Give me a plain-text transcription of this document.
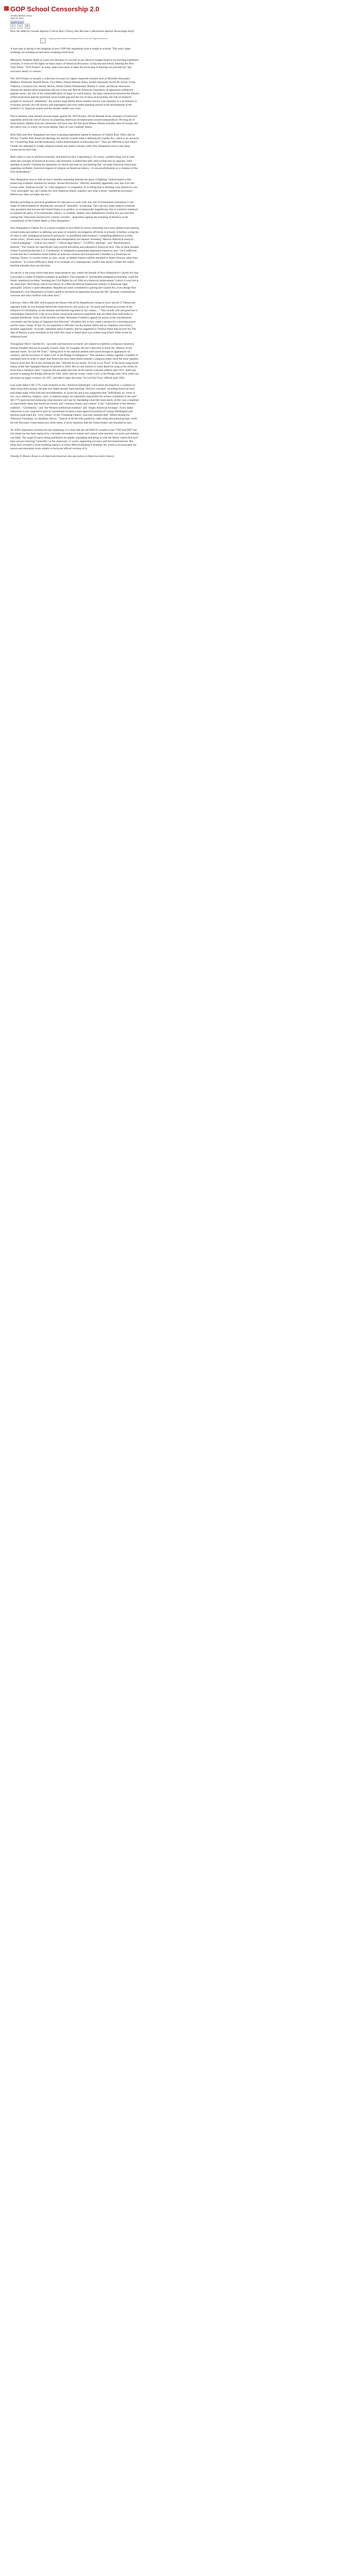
GOP School Censorship 2.0
Timothy Messer-Kruse
April 16, 2024
CounterPunch
f	t	✉
How the MAGA Crusade Against Critical Race Theory Has Become a Movement Against Knowledge Itself
Fighting culture warrior Christopher Rufo on the Joe Rogan Experience.

A sure sign of spring is the dropping of new GOP bills regulating what is taught in schools. This year's legal seedlings are trending toward more sweeping restrictions.

Missouri's Students' Right to Learn Act threatens to cut half of any district's budget found to be teaching prohibited concepts. It turns out the lights on many topics of historical discussion. Going beyond merely banning the New York Times' "1619 Project" as many states have done, it takes the novel step of banning not just that but "any successor theory or version."

The 1619 Project is actually a collection of essays by highly respected scholars such as Michelle Alexander, Matthew Desmond, Jamelle Bouie, Tiya Miles, Nikole Hannah-Jones, Jeneen Interlandi, Kevin M. Kruse, Linda Villarosa, Clyntarra Lee, Wesley Morris, Khalil Gibran Muhammad, Martha S. Jones, and Bryan Stevenson. Among the themes these researchers discuss is how the African American experience of oppression influenced popular music, the role of the commodification of sugar on world history, the deep connections between the failures of Reconstruction and the persistent racial wealth gap and the rise of mass incarceration, the role of enslaved peoples in westward "settlement," the century-long debate about whether slavery was capitalist or a an obstacle to economic growth, the role slavery and segregation and even urban planning played in the development of the modern U.S. financial system and the modern health care crisis.

Not to mention what initially aroused anger against the 1619 Project, Nicole Hannah-Jones summary of historians' arguments about the role of slavery in propelling American revolutionaries toward independence. Proving all of these historic debates from the classroom will have only the feel-good Mason Weems morality tales of George and the cherry tree, or worse, the Uncle Remus Tales of Lost Confeder Harris.

Both Ohio and New Hampshire are close to passing legislation named in memory of Charlie Kirk. Ohio calls its bill the "Charlie Kirk American Heritage Act and the Granite State is defining the Charlie Act, which is an acronym for "Countering Hate and Revolutionary Leftist Indoctrination in Education Act." They are different in that Ohio's Charlie Act attempts to wedge religious lessons into public schools while New Hampshire tries to ban ideas conservatives don't like.

Both claim to root on political neutrality and historical fact. Legislating it, of course, a pliable thing, but in both states the concepts of historical accuracy and neutrality is pulled like taffy until it folds into its opposite. Ohio attempts to justify violating the separation of church and state by proclaiming that "accurate historical instruction regarding verifiable, historical impacts of religion on American history... is not proselytization or a violation of the First Amendment."

New Hampshire tries to hide its heavy-handed censorship beneath the guise of fighting "indoctrination while preserving academic freedom for neutral, factual discussions." Patriotic neutrality apparently only tips over into excess when "partisan loyalty" or "total allegiance" is compelled. (It is telling that in defining what America's core "civic principles" are, the Charlie Act only mentions liberty, equality, and what it terms "republican processes." Democracy does not make the cut.)

Besides providing no practical guidelines for educators to work with, this sort of formulation normalizes a vast range of indoctrination by labeling the concept of "neutrality" to learning. This can only make sense to someone who presumes that because the United States is so perfect, so exceptionally magnificent, that it would be irrational to question the glory of its institutions, history, or symbols. Indeed, New Hampshire's Charlie Act says just this, stating that "Education should serve citizens a hostile... disposition against the founding of America or the constitutions of the United States or New Hampshire."

New Hampshire's Charlie Act is a prime example of how MAGA school censorship laws have shifted from banning certain books and authors to defining vast areas of scholarly investigation off-limits to schools. It defines a long list of what it calls "pedagogical practices and praxis" as prohibited indoctrination "compelling adherence to these world-views." Broad areas of knowledge and interpretation are banned, including "Marxist dialectical analysis", "critical pedagogy", "critical race theory", "critical legal theory", "LGBTQ+ ideology", and "decolonization theories". The Charlie Act specifically bans several prevailing and substantive historical facts. One of these thought crimes is asserting that the U.S. Constitution is "designed to perpetuate oppression based on race." (Is it sufficient to note that the Constitution treats Indians as both non-citizens and non-persons?) Another is a broad ban on framing "history or current events as class, racial, or identity-based conflicts intended to foster division rather than resolution." It is more difficult to think of an example of a contemporary conflict that doesn't violate this reality-bending mandate than one that does.

So narrow is the scene which educators must thread to stay within the bounds of New Hampshire's Charlie Act that it provides a couple of helpful examples as guidance. One example of "permissible pedagogical teaching" (note the idiotic repetition) includes "teaching the Civil Rights Act of 1964 as a historical achievement" (which it was) but at the same time "describing critical race theory as a Marxist-derived framework contrary to American legal principles" (which is quite debatable). Republicans seem committed to passing the Charlie Act, even though New Hampshire's own Department of Justice publicly declared its opposition because the bill "presents constitutional concerns and risks conflicts with other laws."

Likewise, Ohio's HB 486, which passed the House with all 64 Republicans voting in favor and all 27 Democrats opposed, hides its true purpose behind the claim that its only goal is an "accurate and historical account of the influence of Christianity on the freedom and liberties ingrained in our culture...." This sounds well and good but is immediately followed by a list of two dozen conjectural historical statements that are lifted from half-truths to outright falsehoods. Some of the howlers include "Benjamin Franklin's appeal for prayer at the constitutional convention and the hiring of chaplains that followed." (Franklin did, in fact, make a motion for a morning prayer and for some "clergy of this city be requested to officiate" but the motion failed and no chaplains were hired.) Another supposedly "accurate" statement about Franklin, that he suggested to Thomas Paine that he burn his The Age of Reason is pure invention as the letter this claim is based upon was written long before Paine wrote his infamous book.

Throughout Ohio's Charlie Act, "accurate and historical accounts" are slanted to establish a religious consensus among founders that never actually existed. Take, for example, the law's direction to teach the "History of the national motto: 'In God We Trust'," falling back to the national anthem and traced through its appearance on currency and the inclusion of 'under God' in the Pledge of Allegiance." This sentence cobbles together a handful of unrelated facts in order to imply that Americans have been united beneath a religious motto since the early republic. Francis Scott Key did in fact include the line "And this be our motto: 'In God is our Trust'" in the never-sung fourth stanza of the Star-Spangled Banner he penned in 1814. But no one noticed or cared about his song as the motto for more than a hundred years. Congress did not adopt that tune as the nation's national anthem until 1931, didn't get around to making the Pledge official till 1942, didn't add the words "under God" to the Pledge until 1954, didn't put the motto on paper currency till 1957, and didn't make the motto "In God We Trust" official until 1956.

Last week Idaho's SB 1776, a bill modeled on the "American Birthright" curriculum developed by a coalition of right-wing lobby groups, became law. Idaho already bans teaching "divisive concepts" including historical facts that might make white kids feel uncomfortable, or as the law put it any suggestion that "individuals, by virtue of sex, race, ethnicity, religion, color, or national origin, are inherently responsible for actions committed in the past". SB 1776 goes beyond outlawing what teachers can't say by mandating what they must teach, in this case a boatload of chauvinistic ideas that American society and "common history and culture" is the "culmination of the Western tradition", "Christianity," and "the Western intellectual tradition" and "Anglo-American heritage". Every Idaho classroom is now required to post in a prominent location a state-approved portrait of George Washington and teachers must teach the "civic virtues" of the "Founding Fathers" and only mention their "effects during the American Founding...no disability shown." Typical of all the bills pushed by right-wing educational groups, while the bill discusses Greek democracy three times, it never mentions that the United States was founded on race.

As 2026's legislative sessions are just beginning, it is clear that the old MAGA crusade to ban "CRT and DEI" has lost steam but has been replaced by a broader movement to censor and control what teachers can teach and students can think. The range of topics being prohibited are quietly expanding and along as with the flimsy claims that such bans are just restoring "neutrality" to the classroom, or worse, supporting accuracy and fact-based lessons. But these laws revealed a more troubling essence of where MAGA thinking is heading: the world is not knowable but known and education exists simply to inculcate official versions of it.

Timothy P. Messer-Kruse is an American historian who specializes in American labor history.
